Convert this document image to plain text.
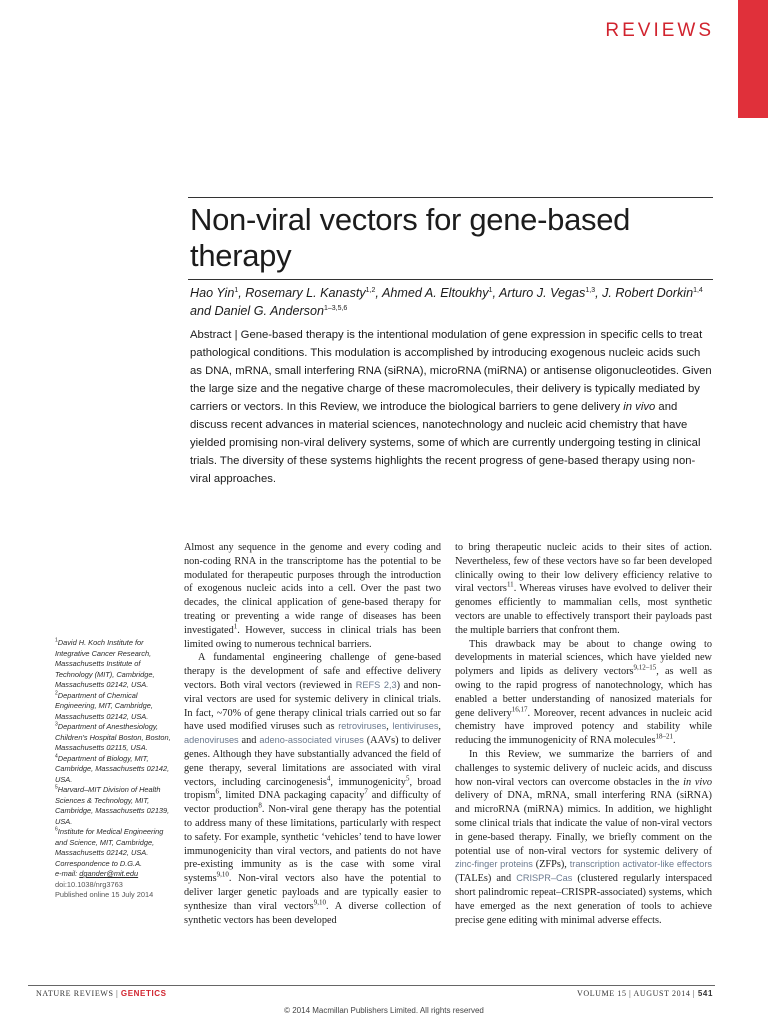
REVIEWS
Non-viral vectors for gene-based therapy

Hao Yin$^1$, Rosemary L. Kanasty$^{1,2}$, Ahmed A. Eltoukhy$^1$, Arturo J. Vegas$^{1,3}$, J. Robert Dorkin$^{1,4}$ and Daniel G. Anderson$^{1-3,5,6}$

Abstract | Gene-based therapy is the intentional modulation of gene expression in specific cells to treat pathological conditions. This modulation is accomplished by introducing exogenous nucleic acids such as DNA, mRNA, small interfering RNA (siRNA), microRNA (miRNA) or antisense oligonucleotides. Given the large size and the negative charge of these macromolecules, their delivery is typically mediated by carriers or vectors. In this Review, we introduce the biological barriers to gene delivery in vivo and discuss recent advances in material sciences, nanotechnology and nucleic acid chemistry that have yielded promising non-viral delivery systems, some of which are currently undergoing testing in clinical trials. The diversity of these systems highlights the recent progress of gene-based therapy using non-viral approaches.

$^1$David H. Koch Institute for Integrative Cancer Research, Massachusetts Institute of Technology (MIT), Cambridge, Massachusetts 02142, USA.
$^2$Department of Chemical Engineering, MIT, Cambridge, Massachusetts 02142, USA.
$^3$Department of Anesthesiology, Children's Hospital Boston, Boston, Massachusetts 02115, USA.
$^4$Department of Biology, MIT, Cambridge, Massachusetts 02142, USA.
$^5$Harvard–MIT Division of Health Sciences & Technology, MIT, Cambridge, Massachusetts 02139, USA.
$^6$Institute for Medical Engineering and Science, MIT, Cambridge, Massachusetts 02142, USA.
Correspondence to D.G.A.
e-mail: dgander@mit.edu
doi:10.1038/nrg3763
Published online 15 July 2014

Almost any sequence in the genome and every coding and non-coding RNA in the transcriptome has the potential to be modulated for therapeutic purposes through the introduction of exogenous nucleic acids into a cell. Over the past two decades, the clinical application of gene-based therapy for treating or preventing a wide range of diseases has been investigated$^1$. However, success in clinical trials has been limited owing to numerous technical barriers.

A fundamental engineering challenge of gene-based therapy is the development of safe and effective delivery vectors. Both viral vectors (reviewed in REFS 2,3) and non-viral vectors are used for systemic delivery in clinical trials. In fact, ~70% of gene therapy clinical trials carried out so far have used modified viruses such as retroviruses, lentiviruses, adenoviruses and adeno-associated viruses (AAVs) to deliver genes. Although they have substantially advanced the field of gene therapy, several limitations are associated with viral vectors, including carcinogenesis$^4$, immunogenicity$^5$, broad tropism$^6$, limited DNA packaging capacity$^7$ and difficulty of vector production$^8$. Non-viral gene therapy has the potential to address many of these limitations, particularly with respect to safety. For example, synthetic ‘vehicles’ tend to have lower immunogenicity than viral vectors, and patients do not have pre-existing immunity as is the case with some viral systems$^{9,10}$. Non-viral vectors also have the potential to deliver larger genetic payloads and are typically easier to synthesize than viral vectors$^{9,10}$. A diverse collection of synthetic vectors has been developed

to bring therapeutic nucleic acids to their sites of action. Nevertheless, few of these vectors have so far been developed clinically owing to their low delivery efficiency relative to viral vectors$^{11}$. Whereas viruses have evolved to deliver their genomes efficiently to mammalian cells, most synthetic vectors are unable to effectively transport their payloads past the multiple barriers that confront them.

This drawback may be about to change owing to developments in material sciences, which have yielded new polymers and lipids as delivery vectors$^{9,12-15}$, as well as owing to the rapid progress of nanotechnology, which has enabled a better understanding of nanosized materials for gene delivery$^{16,17}$. Moreover, recent advances in nucleic acid chemistry have improved potency and stability while reducing the immunogenicity of RNA molecules$^{18-21}$.

In this Review, we summarize the barriers of and challenges to systemic delivery of nucleic acids, and discuss how non-viral vectors can overcome obstacles in the in vivo delivery of DNA, mRNA, small interfering RNA (siRNA) and microRNA (miRNA) mimics. In addition, we highlight some clinical trials that indicate the value of non-viral vectors in gene-based therapy. Finally, we briefly comment on the potential use of non-viral vectors for systemic delivery of zinc-finger proteins (ZFPs), transcription activator-like effectors (TALEs) and CRISPR–Cas (clustered regularly interspaced short palindromic repeat–CRISPR-associated) systems, which have emerged as the next generation of tools to achieve precise gene editing with minimal adverse effects.

NATURE REVIEWS | GENETICS	VOLUME 15 | AUGUST 2014 | 541
© 2014 Macmillan Publishers Limited. All rights reserved
